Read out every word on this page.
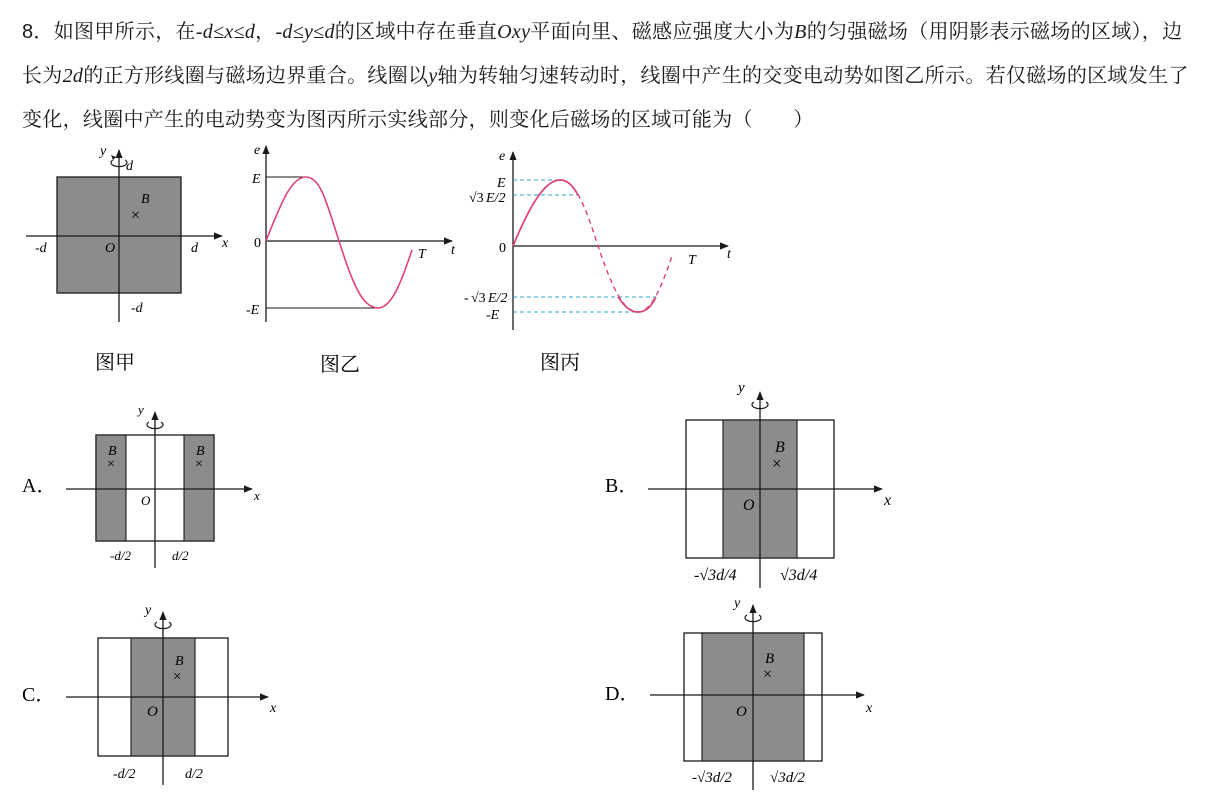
8．如图甲所示，在-d≤x≤d，-d≤y≤d的区域中存在垂直Oxy平面向里、磁感应强度大小为B的匀强磁场（用阴影表示磁场的区域），边长为2d的正方形线圈与磁场边界重合。线圈以y轴为转轴匀速转动时，线圈中产生的交变电动势如图乙所示。若仅磁场的区域发生了变化，线圈中产生的电动势变为图丙所示实线部分，则变化后磁场的区域可能为（　　）
y
d
B
×
-d	O	d x
-d
图甲
e
E
0
-E
T t
图乙
e
E
√3 E/2
0
- √3 E/2
-E
T t
图丙
A．
y
B
×
B
×
O	x
-d/2	d/2
B．
y
B
×
O	x
-√3d/4	√3d/4
C．
y
B
×
O	x
-d/2	d/2
D．
y
B
×
O	x
-√3d/2	√3d/2
